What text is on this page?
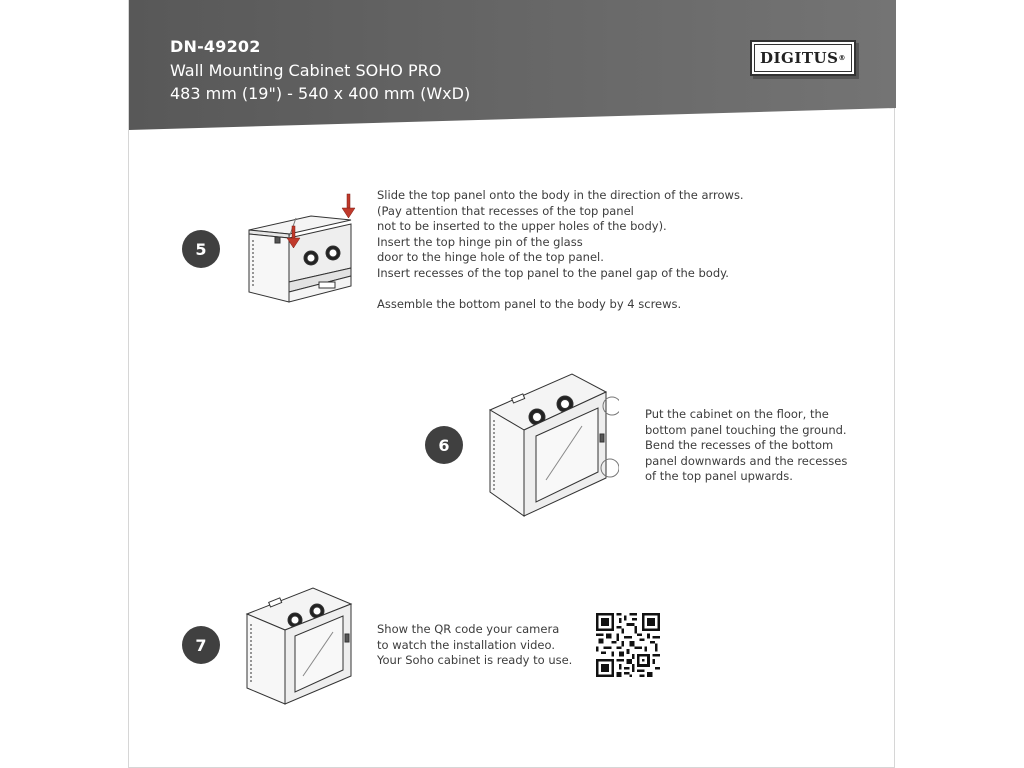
DN-49202
Wall Mounting Cabinet SOHO PRO
483 mm (19") - 540 x 400 mm (WxD)
DIGITUS ®
5
Slide the top panel onto the body in the direction of the arrows.
(Pay attention that recesses of the top panel
not to be inserted to the upper holes of the body).
Insert the top hinge pin of the glass
door to the hinge hole of the top panel.
Insert recesses of the top panel to the panel gap of the body.
Assemble the bottom panel to the body by 4 screws.
6
Put the cabinet on the floor, the
bottom panel touching the ground.
Bend the recesses of the bottom
panel downwards and the recesses
of the top panel upwards.
7
Show the QR code your camera
to watch the installation video.
Your Soho cabinet is ready to use.
